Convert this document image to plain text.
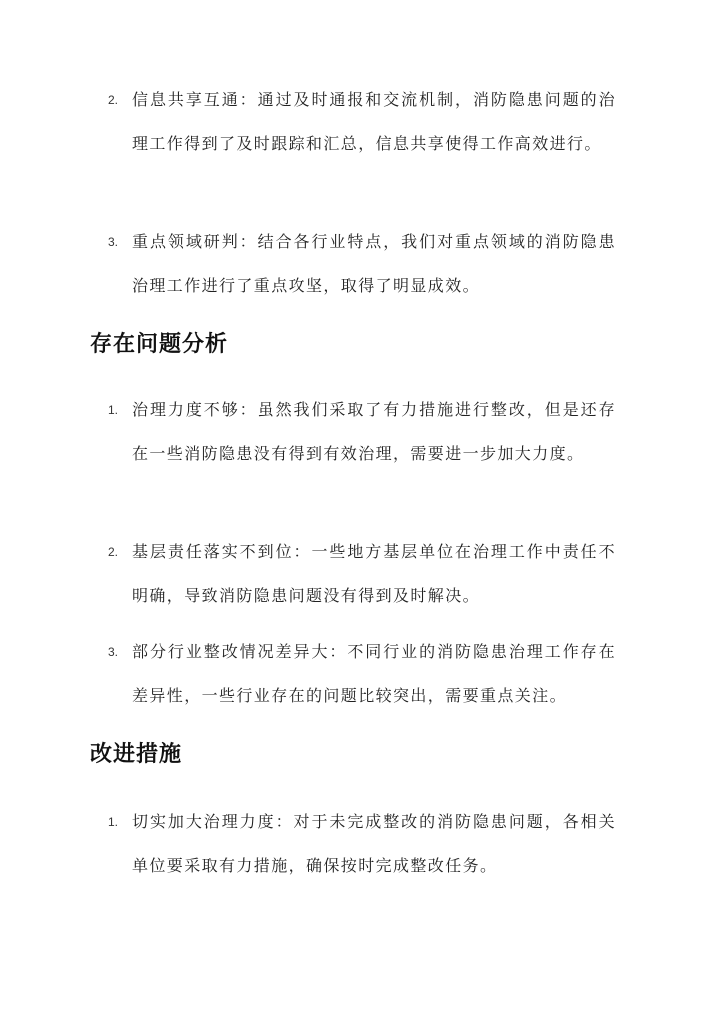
2. 信息共享互通：通过及时通报和交流机制，消防隐患问题的治理工作得到了及时跟踪和汇总，信息共享使得工作高效进行。
3. 重点领域研判：结合各行业特点，我们对重点领域的消防隐患治理工作进行了重点攻坚，取得了明显成效。
存在问题分析
1. 治理力度不够：虽然我们采取了有力措施进行整改，但是还存在一些消防隐患没有得到有效治理，需要进一步加大力度。
2. 基层责任落实不到位：一些地方基层单位在治理工作中责任不明确，导致消防隐患问题没有得到及时解决。
3. 部分行业整改情况差异大：不同行业的消防隐患治理工作存在差异性，一些行业存在的问题比较突出，需要重点关注。
改进措施
1. 切实加大治理力度：对于未完成整改的消防隐患问题，各相关单位要采取有力措施，确保按时完成整改任务。
